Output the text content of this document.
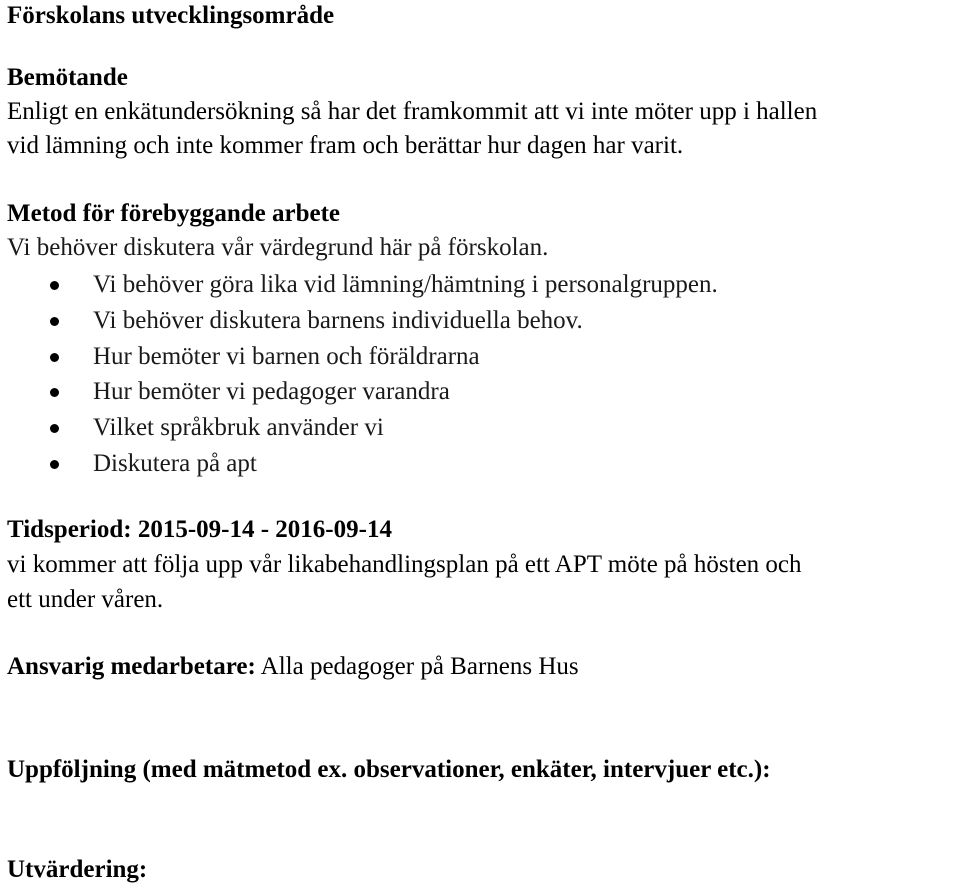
Förskolans utvecklingsområde
Bemötande
Enligt en enkätundersökning så har det framkommit att vi inte möter upp i hallen
vid lämning och inte kommer fram och berättar hur dagen har varit.
Metod för förebyggande arbete
Vi behöver diskutera vår värdegrund här på förskolan.
Vi behöver göra lika vid lämning/hämtning i personalgruppen.
Vi behöver diskutera barnens individuella behov.
Hur bemöter vi barnen och föräldrarna
Hur bemöter vi pedagoger varandra
Vilket språkbruk använder vi
Diskutera på apt
Tidsperiod: 2015-09-14 - 2016-09-14
vi kommer att följa upp vår likabehandlingsplan på ett APT möte på hösten och
ett under våren.
Ansvarig medarbetare: Alla pedagoger på Barnens Hus
Uppföljning (med mätmetod ex. observationer, enkäter, intervjuer etc.):
Utvärdering:
